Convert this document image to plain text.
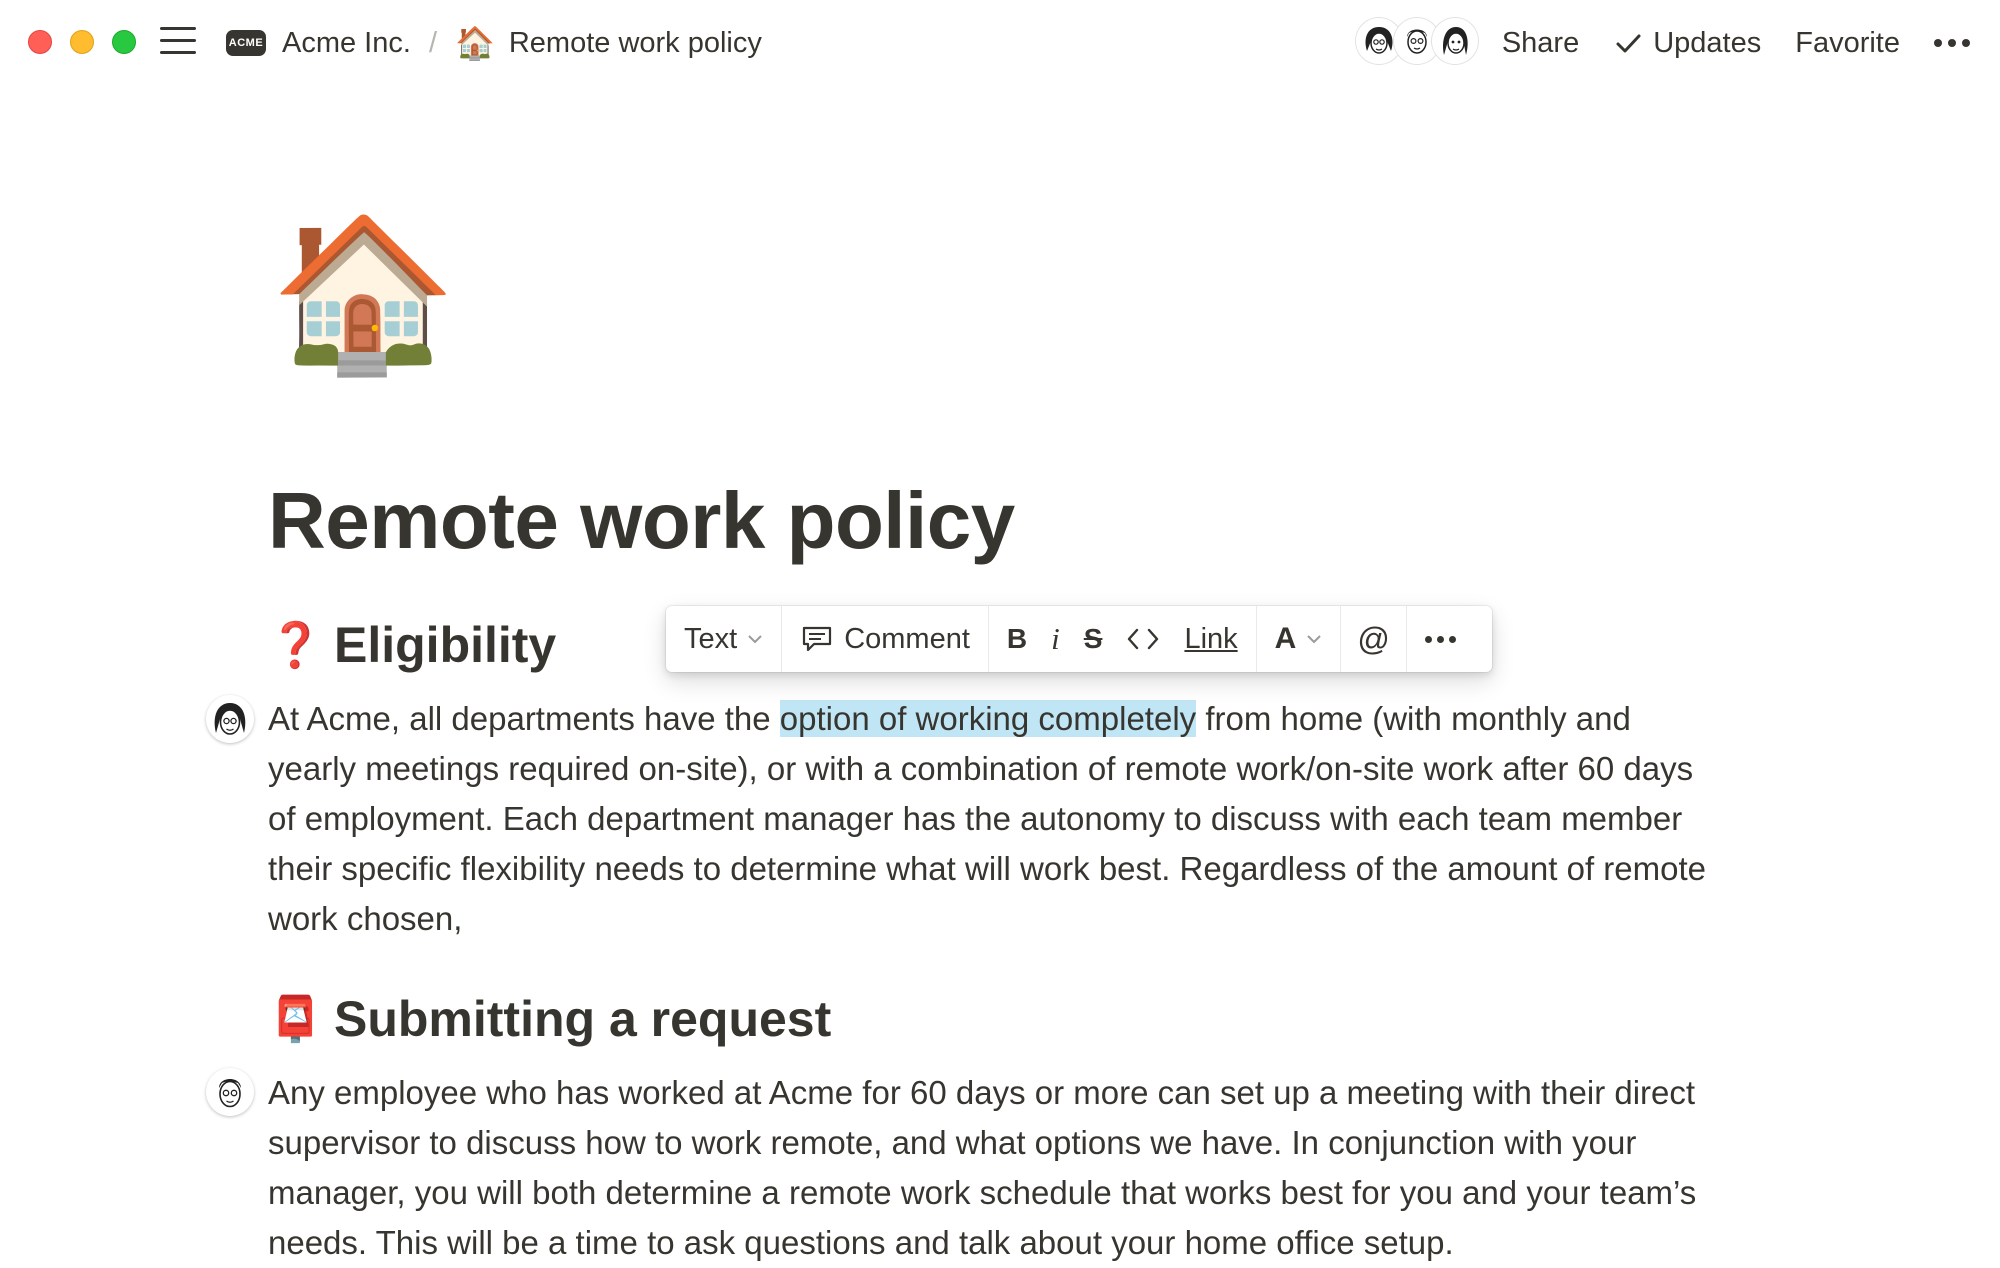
ACME Acme Inc. / 🏠 Remote work policy	Share	Updates Favorite
🏠
Remote work policy
❓ Eligibility
At Acme, all departments have the option of working completely from home (with monthly and yearly meetings required on-site), or with a combination of remote work/on-site work after 60 days of employment. Each department manager has the autonomy to discuss with each team member their specific flexibility needs to determine what will work best. Regardless of the amount of remote work chosen,
📮 Submitting a request
Any employee who has worked at Acme for 60 days or more can set up a meeting with their direct supervisor to discuss how to work remote, and what options we have. In conjunction with your manager, you will both determine a remote work schedule that works best for you and your team’s needs. This will be a time to ask questions and talk about your home office setup.
Text	Comment	B i S	Link	A	@
